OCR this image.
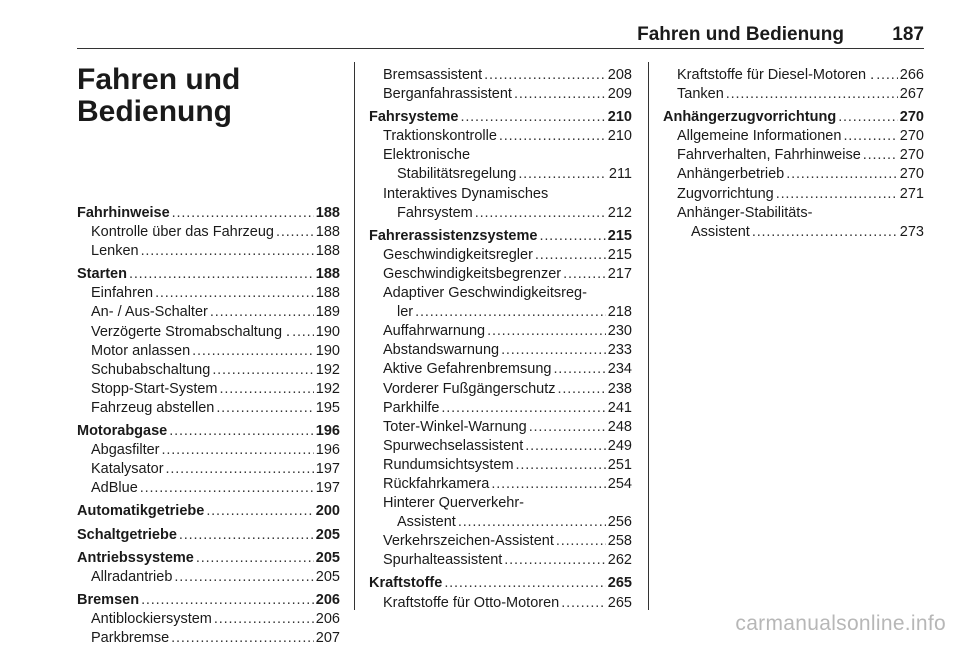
Fahren und Bedienung	187
Fahren und
Bedienung
Fahrhinweise . . .	188
Kontrolle über das Fahrzeug . . .	188
Lenken . . .	188
Starten . . .	188
Einfahren . . .	188
An- / Aus-Schalter . . .	189
Verzögerte Stromabschaltung . . . . 190
Motor anlassen . . .	190
Schubabschaltung . . .	192
Stopp-Start-System . . .	192
Fahrzeug abstellen . . .	195
Motorabgase . . .	196
Abgasfilter . . .	196
Katalysator . . .	197
AdBlue . . .	197
Automatikgetriebe . . .	200
Schaltgetriebe . . .	205
Antriebssysteme . . .	205
Allradantrieb . . .	205
Bremsen . . .	206
Antiblockiersystem . . .	206
Parkbremse . . .	207
Bremsassistent . . .	208
Berganfahrassistent . . .	209
Fahrsysteme . . .	210
Traktionskontrolle . . .	210
Elektronische
Stabilitätsregelung . . .	211
Interaktives Dynamisches
Fahrsystem . . .	212
Fahrerassistenzsysteme . . .	215
Geschwindigkeitsregler . . .	215
Geschwindigkeitsbegrenzer . . .	217
Adaptiver Geschwindigkeitsreg-
ler . . .	218
Auffahrwarnung . . .	230
Abstandswarnung . . .	233
Aktive Gefahrenbremsung . . .	234
Vorderer Fußgängerschutz . . .	238
Parkhilfe . . .	241
Toter-Winkel-Warnung . . .	248
Spurwechselassistent . . .	249
Rundumsichtsystem . . .	251
Rückfahrkamera . . .	254
Hinterer Querverkehr-
Assistent . . .	256
Verkehrszeichen-Assistent . . .	258
Spurhalteassistent . . .	262
Kraftstoffe . . .	265
Kraftstoffe für Otto-Motoren . . .	265
Kraftstoffe für Diesel-Motoren . . . . 266
Tanken . . .	267
Anhängerzugvorrichtung . . .	270
Allgemeine Informationen . . .	270
Fahrverhalten, Fahrhinweise . . .	270
Anhängerbetrieb . . .	270
Zugvorrichtung . . .	271
Anhänger-Stabilitäts-
Assistent . . .	273
carmanualsonline.info
